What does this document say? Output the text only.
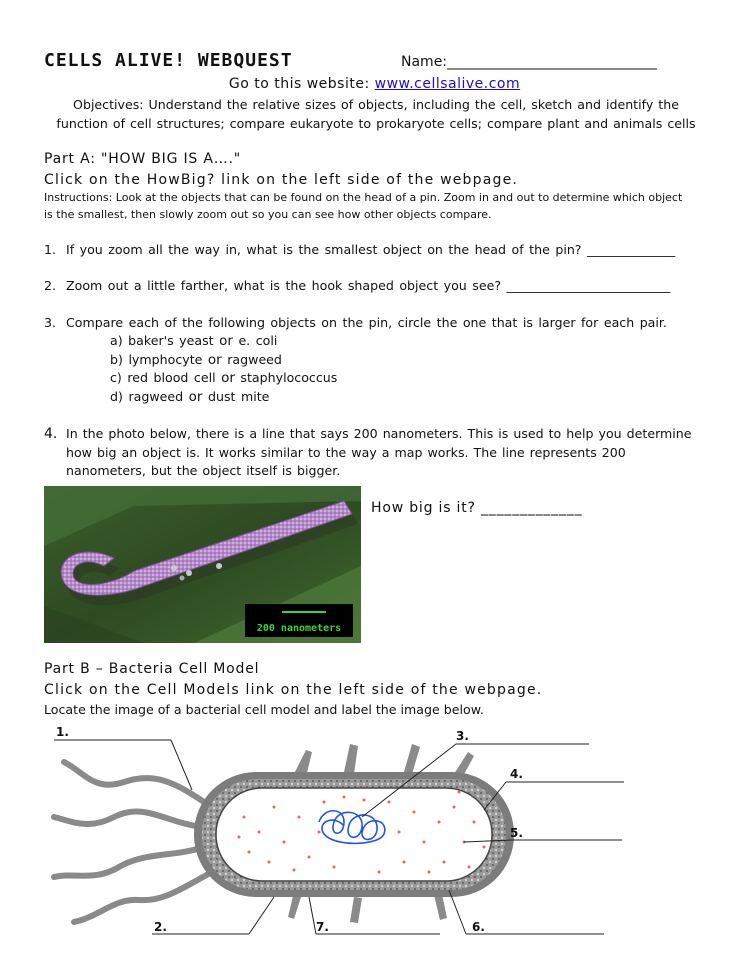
CELLS ALIVE! WEBQUEST	Name:______________________________
Go to this website: www.cellsalive.com
Objectives: Understand the relative sizes of objects, including the cell, sketch and identify the function of cell structures; compare eukaryote to prokaryote cells; compare plant and animals cells
Part A: "HOW BIG IS A…."
Click on the HowBig? link on the left side of the webpage.
Instructions: Look at the objects that can be found on the head of a pin. Zoom in and out to determine which object is the smallest, then slowly zoom out so you can see how other objects compare.
1. If you zoom all the way in, what is the smallest object on the head of the pin? ______________
2. Zoom out a little farther, what is the hook shaped object you see? __________________________
3. Compare each of the following objects on the pin, circle the one that is larger for each pair.
a) baker's yeast or e. coli
b) lymphocyte or ragweed
c) red blood cell or staphylococcus
d) ragweed or dust mite
4. In the photo below, there is a line that says 200 nanometers. This is used to help you determine how big an object is. It works similar to the way a map works. The line represents 200 nanometers, but the object itself is bigger.
200 nanometers
How big is it? _____________
Part B – Bacteria Cell Model
Click on the Cell Models link on the left side of the webpage.
Locate the image of a bacterial cell model and label the image below.
1.
2.
3.
4.
5.
6.
7.
